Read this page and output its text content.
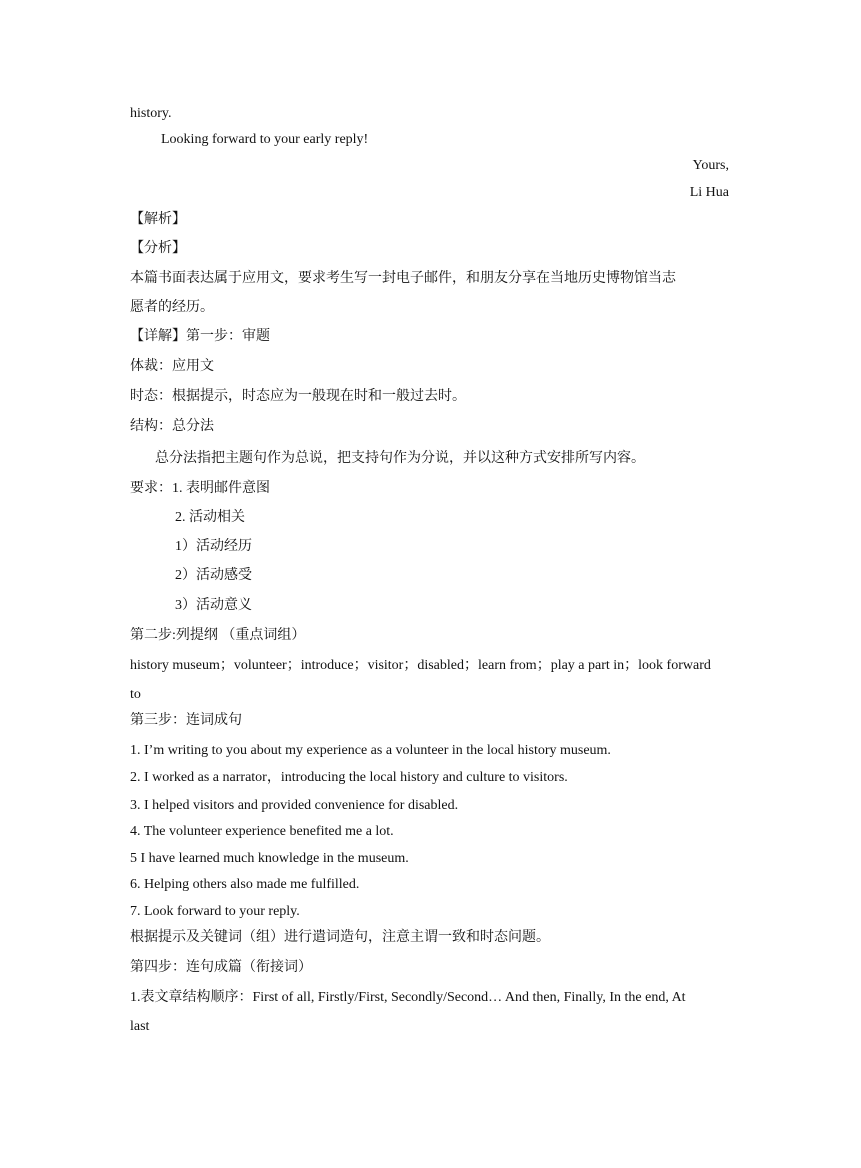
history.
Looking forward to your early reply!
Yours,
Li Hua
【解析】
【分析】
本篇书面表达属于应用文，要求考生写一封电子邮件，和朋友分享在当地历史博物馆当志
愿者的经历。
【详解】第一步：审题
体裁：应用文
时态：根据提示，时态应为一般现在时和一般过去时。
结构：总分法
总分法指把主题句作为总说，把支持句作为分说，并以这种方式安排所写内容。
要求：1. 表明邮件意图
2. 活动相关
1）活动经历
2）活动感受
3）活动意义
第二步:列提纲 （重点词组）
history museum；volunteer；introduce；visitor；disabled；learn from；play a part in；look forward
to
第三步：连词成句
1. I’m writing to you about my experience as a volunteer in the local history museum.
2. I worked as a narrator，introducing the local history and culture to visitors.
3. I helped visitors and provided convenience for disabled.
4. The volunteer experience benefited me a lot.
5 I have learned much knowledge in the museum.
6. Helping others also made me fulfilled.
7. Look forward to your reply.
根据提示及关键词（组）进行遣词造句，注意主谓一致和时态问题。
第四步：连句成篇（衔接词）
1.表文章结构顺序：First of all, Firstly/First, Secondly/Second… And then, Finally, In the end, At
last
